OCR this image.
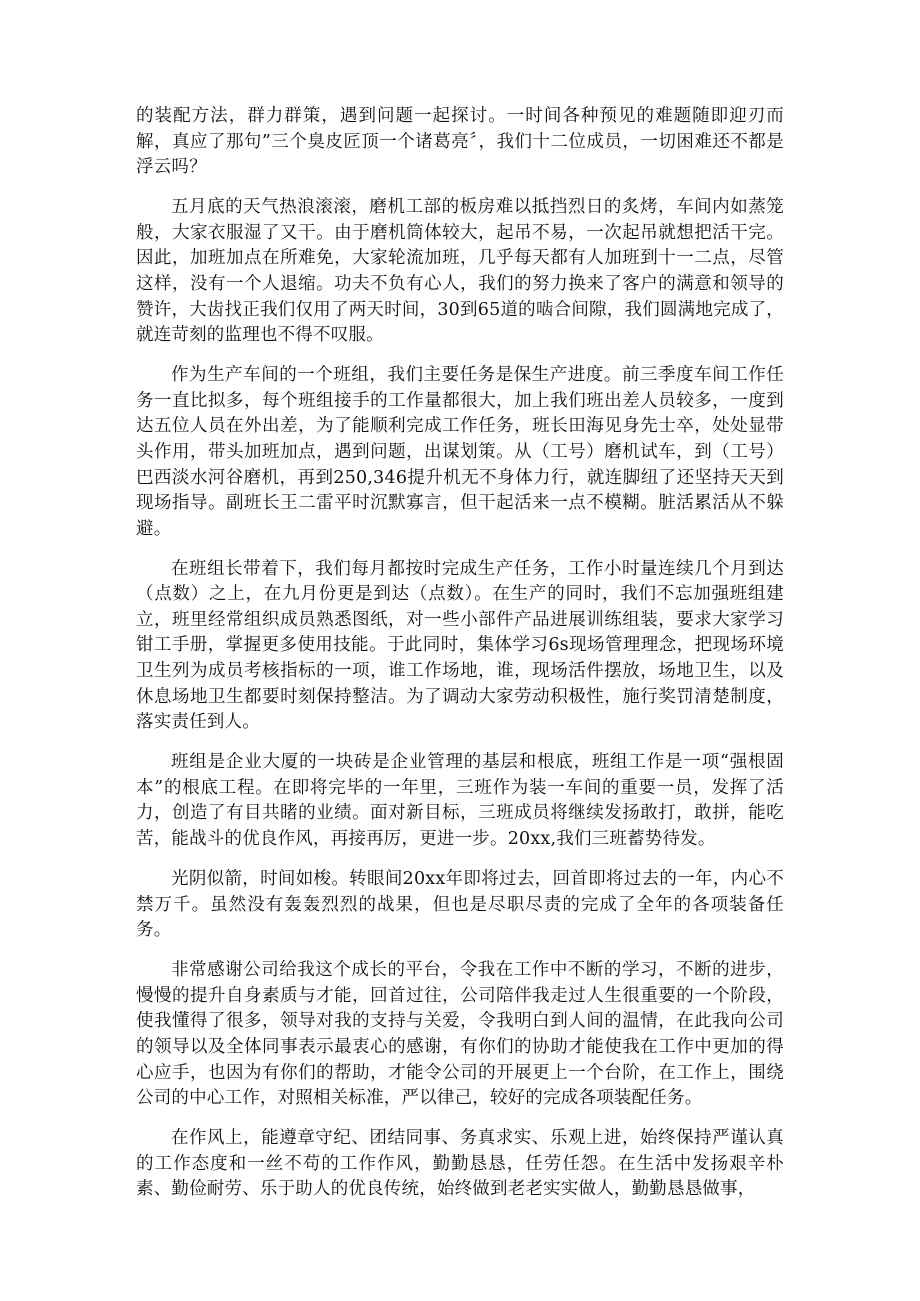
的装配方法，群力群策，遇到问题一起探讨。一时间各种预见的难题随即迎刃而解，真应了那句”三个臭皮匠顶一个诸葛亮〞，我们十二位成员，一切困难还不都是浮云吗？

五月底的天气热浪滚滚，磨机工部的板房难以抵挡烈日的炙烤，车间内如蒸笼般，大家衣服湿了又干。由于磨机筒体较大，起吊不易，一次起吊就想把活干完。因此，加班加点在所难免，大家轮流加班，几乎每天都有人加班到十一二点，尽管这样，没有一个人退缩。功夫不负有心人，我们的努力换来了客户的满意和领导的赞许，大齿找正我们仅用了两天时间，30到65道的啮合间隙，我们圆满地完成了，就连苛刻的监理也不得不叹服。

作为生产车间的一个班组，我们主要任务是保生产进度。前三季度车间工作任务一直比拟多，每个班组接手的工作量都很大，加上我们班出差人员较多，一度到达五位人员在外出差，为了能顺利完成工作任务，班长田海见身先士卒，处处显带头作用，带头加班加点，遇到问题，出谋划策。从（工号）磨机试车，到（工号）巴西淡水河谷磨机，再到250,346提升机无不身体力行，就连脚纽了还坚持天天到现场指导。副班长王二雷平时沉默寡言，但干起活来一点不模糊。脏活累活从不躲避。

在班组长带着下，我们每月都按时完成生产任务，工作小时量连续几个月到达（点数）之上，在九月份更是到达（点数）。在生产的同时，我们不忘加强班组建立，班里经常组织成员熟悉图纸，对一些小部件产品进展训练组装，要求大家学习钳工手册，掌握更多使用技能。于此同时，集体学习6s现场管理理念，把现场环境卫生列为成员考核指标的一项，谁工作场地，谁，现场活件摆放，场地卫生，以及休息场地卫生都要时刻保持整洁。为了调动大家劳动积极性，施行奖罚清楚制度，落实责任到人。

班组是企业大厦的一块砖是企业管理的基层和根底，班组工作是一项“强根固本”的根底工程。在即将完毕的一年里，三班作为装一车间的重要一员，发挥了活力，创造了有目共睹的业绩。面对新目标，三班成员将继续发扬敢打，敢拼，能吃苦，能战斗的优良作风，再接再厉，更进一步。20xx,我们三班蓄势待发。

光阴似箭，时间如梭。转眼间20xx年即将过去，回首即将过去的一年，内心不禁万千。虽然没有轰轰烈烈的战果，但也是尽职尽责的完成了全年的各项装备任务。

非常感谢公司给我这个成长的平台，令我在工作中不断的学习，不断的进步，慢慢的提升自身素质与才能，回首过往，公司陪伴我走过人生很重要的一个阶段，使我懂得了很多，领导对我的支持与关爱，令我明白到人间的温情，在此我向公司的领导以及全体同事表示最衷心的感谢，有你们的协助才能使我在工作中更加的得心应手，也因为有你们的帮助，才能令公司的开展更上一个台阶，在工作上，围绕公司的中心工作，对照相关标准，严以律己，较好的完成各项装配任务。

在作风上，能遵章守纪、团结同事、务真求实、乐观上进，始终保持严谨认真的工作态度和一丝不苟的工作作风，勤勤恳恳，任劳任怨。在生活中发扬艰辛朴素、勤俭耐劳、乐于助人的优良传统，始终做到老老实实做人，勤勤恳恳做事，
